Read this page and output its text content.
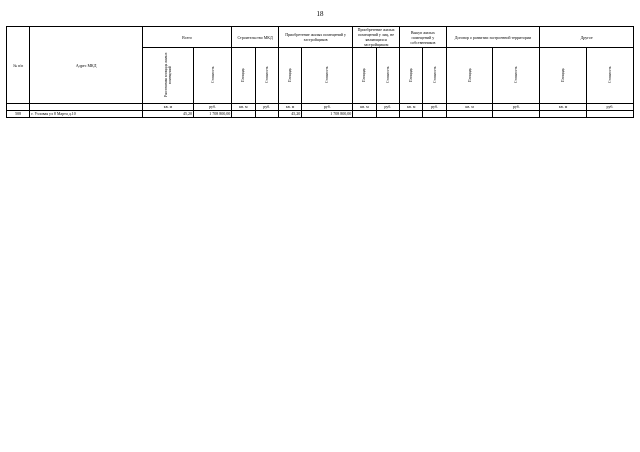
18
№ п/п	Адрес МКД	Всего		Строительство МКД		Приобретение жилых помещений у застройщиков		Приобретение жилых помещений у лиц, не являющихся застройщиком		Выкуп жилых помещений у собственников		Договор о развитии застроенной территории		Другое	
		Расселяемая площадь жилых помещений	Стоимость	Площадь	Стоимость	Площадь	Стоимость	Площадь	Стоимость	Площадь	Стоимость	Площадь	Стоимость	Площадь	Стоимость
		кв. м	руб.	кв. м	руб.	кв. м	руб.	кв. м	руб.	кв. м	руб.	кв. м	руб.	кв. м	руб.
508	г. Узловая ул 8 Марта д.10	45,20	1 708 800,00			45,20	1 708 800,00								
